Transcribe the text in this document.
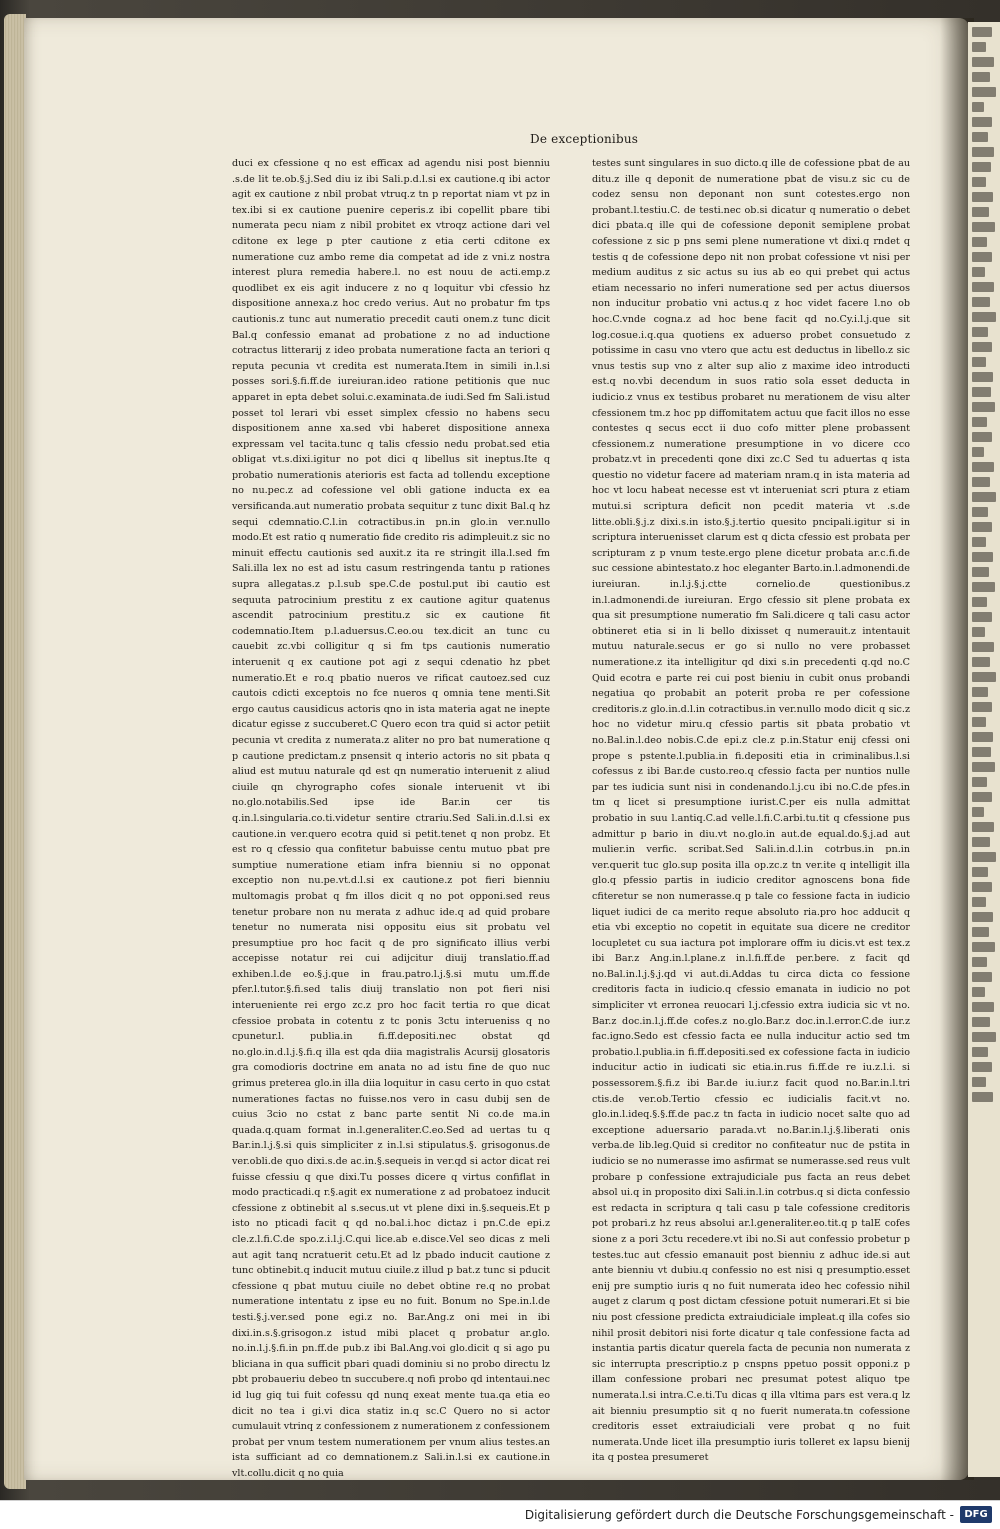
De exceptionibus

duci ex cfessione q no est efficax ad agendu nisi post bienniu .s.de lit te.ob.§.j.Sed diu iz ibi Sali.p.d.l.si ex cautione.q ibi actor agit ex cautione z nbil probat vtruq.z tn p reportat niam vt pz in tex.ibi si ex cautione puenire ceperis.z ibi copellit pbare tibi numerata pecu niam z nibil probitet ex vtroqz actione dari vel cditone ex lege p pter cautione z etia certi cditone ex numeratione cuz ambo reme dia competat ad ide z vni.z nostra interest plura remedia habere.l. no est nouu de acti.emp.z quodlibet ex eis agit inducere z no q loquitur vbi cfessio hz dispositione annexa.z hoc credo verius. Aut no probatur fm tps cautionis.z tunc aut numeratio precedit cauti onem.z tunc dicit Bal.q confessio emanat ad probatione z no ad inductione cotractus litterarij z ideo probata numeratione facta an teriori q reputa pecunia vt credita est numerata.Item in simili in.l.si posses sori.§.fi.ff.de iureiuran.ideo ratione petitionis que nuc apparet in epta debet solui.c.examinata.de iudi.Sed fm Sali.istud posset tol lerari vbi esset simplex cfessio no habens secu dispositionem anne xa.sed vbi haberet dispositione annexa expressam vel tacita.tunc q talis cfessio nedu probat.sed etia obligat vt.s.dixi.igitur no pot dici q libellus sit ineptus.Ite q probatio numerationis aterioris est facta ad tollendu exceptione no nu.pec.z ad cofessione vel obli gatione inducta ex ea versificanda.aut numeratio probata sequitur z tunc dixit Bal.q hz sequi cdemnatio.C.l.in cotractibus.in pn.in glo.in ver.nullo modo.Et est ratio q numeratio fide credito ris adimpleuit.z sic no minuit effectu cautionis sed auxit.z ita re stringit illa.l.sed fm Sali.illa lex no est ad istu casum restringenda tantu p rationes supra allegatas.z p.l.sub spe.C.de postul.put ibi cautio est sequuta patrocinium prestitu z ex cautione agitur quatenus ascendit patrocinium prestitu.z sic ex cautione fit codemnatio.Item p.l.aduersus.C.eo.ou tex.dicit an tunc cu cauebit zc.vbi colligitur q si fm tps cautionis numeratio interuenit q ex cautione pot agi z sequi cdenatio hz pbet numeratio.Et e ro.q pbatio nueros ve rificat cautoez.sed cuz cautois cdicti exceptois no fce nueros q omnia tene menti.Sit ergo cautus causidicus actoris qno in ista materia agat ne inepte dicatur egisse z succuberet.C Quero econ tra quid si actor petiit pecunia vt credita z numerata.z aliter no pro bat numeratione q p cautione predictam.z pnsensit q interio actoris no sit pbata q aliud est mutuu naturale qd est qn numeratio interuenit z aliud ciuile qn chyrographo cofes sionale interuenit vt ibi no.glo.notabilis.Sed ipse ide Bar.in cer tis q.in.l.singularia.co.ti.videtur sentire ctrariu.Sed Sali.in.d.l.si ex cautione.in ver.quero ecotra quid si petit.tenet q non probz. Et est ro q cfessio qua confitetur babuisse centu mutuo pbat pre sumptiue numeratione etiam infra bienniu si no opponat exceptio non nu.pe.vt.d.l.si ex cautione.z pot fieri bienniu multomagis probat q fm illos dicit q no pot opponi.sed reus tenetur probare non nu merata z adhuc ide.q ad quid probare tenetur no numerata nisi oppositu eius sit probatu vel presumptiue pro hoc facit q de pro significato illius verbi accepisse notatur rei cui adijcitur diuij translatio.ff.ad exhiben.l.de eo.§.j.que in frau.patro.l.j.§.si mutu um.ff.de pfer.l.tutor.§.fi.sed talis diuij translatio non pot fieri nisi interueniente rei ergo zc.z pro hoc facit tertia ro que dicat cfessioe probata in cotentu z tc ponis 3ctu interueniss q no cpunetur.l. publia.in fi.ff.depositi.nec obstat qd no.glo.in.d.l.j.§.fi.q illa est qda diia magistralis Acursij glosatoris gra comodioris doctrine em anata no ad istu fine de quo nuc grimus preterea glo.in illa diia loquitur in casu certo in quo cstat numerationes factas no fuisse.nos vero in casu dubij sen de cuius 3cio no cstat z banc parte sentit Ni co.de ma.in quada.q.quam format in.l.generaliter.C.eo.Sed ad uertas tu q Bar.in.l.j.§.si quis simpliciter z in.l.si stipulatus.§. grisogonus.de ver.obli.de quo dixi.s.de ac.in.§.sequeis in ver.qd si actor dicat rei fuisse cfessiu q que dixi.Tu posses dicere q virtus confiflat in modo practicadi.q r.§.agit ex numeratione z ad probatoez inducit cfessione z obtinebit al s.secus.ut vt plene dixi in.§.sequeis.Et p isto no pticadi facit q qd no.bal.i.hoc dictaz i pn.C.de epi.z cle.z.l.fi.C.de spo.z.i.l.j.C.qui lice.ab e.disce.Vel seo dicas z meli aut agit tanq ncratuerit cetu.Et ad lz pbado inducit cautione z tunc obtinebit.q inducit mutuu ciuile.z illud p bat.z tunc si pducit cfessione q pbat mutuu ciuile no debet obtine re.q no probat numeratione intentatu z ipse eu no fuit. Bonum no Spe.in.l.de testi.§.j.ver.sed pone egi.z no. Bar.Ang.z oni mei in ibi dixi.in.s.§.grisogon.z istud mibi placet q probatur ar.glo. no.in.l.j.§.fi.in pn.ff.de pub.z ibi Bal.Ang.voi glo.dicit q si ago pu bliciana in qua sufficit pbari quadi dominiu si no probo directu lz pbt probaueriu debeo tn succubere.q nofi probo qd intentaui.nec id lug giq tui fuit cofessu qd nunq exeat mente tua.qa etia eo dicit no tea i gi.vi dica statiz in.q sc.C Quero no si actor cumulauit vtrinq z confessionem z numerationem z confessionem probat per vnum testem numerationem per vnum alius testes.an ista sufficiant ad co demnationem.z Sali.in.l.si ex cautione.in vlt.collu.dicit q no quia

testes sunt singulares in suo dicto.q ille de cofessione pbat de au ditu.z ille q deponit de numeratione pbat de visu.z sic cu de codez sensu non deponant non sunt cotestes.ergo non probant.l.testiu.C. de testi.nec ob.si dicatur q numeratio o debet dici pbata.q ille qui de cofessione deponit semiplene probat cofessione z sic p pns semi plene numeratione vt dixi.q rndet q testis q de cofessione depo nit non probat cofessione vt nisi per medium auditus z sic actus su ius ab eo qui prebet qui actus etiam necessario no inferi numeratione sed per actus diuersos non inducitur probatio vni actus.q z hoc videt facere l.no ob hoc.C.vnde cogna.z ad hoc bene facit qd no.Cy.i.l.j.que sit log.cosue.i.q.qua quotiens ex aduerso probet consuetudo z potissime in casu vno vtero que actu est deductus in libello.z sic vnus testis sup vno z alter sup alio z maxime ideo introducti est.q no.vbi decendum in suos ratio sola esset deducta in iudicio.z vnus ex testibus probaret nu merationem de visu alter cfessionem tm.z hoc pp diffomitatem actuu que facit illos no esse contestes q secus ecct ii duo cofo mitter plene probassent cfessionem.z numeratione presumptione in vo dicere cco probatz.vt in precedenti qone dixi zc.C Sed tu aduertas q ista questio no videtur facere ad materiam nram.q in ista materia ad hoc vt locu habeat necesse est vt interueniat scri ptura z etiam mutui.si scriptura deficit non pcedit materia vt .s.de litte.obli.§.j.z dixi.s.in isto.§.j.tertio quesito pncipali.igitur si in scriptura interuenisset clarum est q dicta cfessio est probata per scripturam z p vnum teste.ergo plene dicetur probata ar.c.fi.de suc cessione abintestato.z hoc eleganter Barto.in.l.admonendi.de iureiuran. in.l.j.§.j.ctte cornelio.de questionibus.z in.l.admonendi.de iureiuran. Ergo cfessio sit plene probata ex qua sit presumptione numeratio fm Sali.dicere q tali casu actor obtineret etia si in li bello dixisset q numerauit.z intentauit mutuu naturale.secus er go si nullo no vere probasset numeratione.z ita intelligitur qd dixi s.in precedenti q.qd no.C Quid ecotra e parte rei cui post bieniu in cubit onus probandi negatiua qo probabit an poterit proba re per cofessione creditoris.z glo.in.d.l.in cotractibus.in ver.nullo modo dicit q sic.z hoc no videtur miru.q cfessio partis sit pbata probatio vt no.Bal.in.l.deo nobis.C.de epi.z cle.z p.in.Statur enij cfessi oni prope s pstente.l.publia.in fi.depositi etia in criminalibus.l.si cofessus z ibi Bar.de custo.reo.q cfessio facta per nuntios nulle par tes iudicia sunt nisi in condenando.l.j.cu ibi no.C.de pfes.in tm q licet si presumptione iurist.C.per eis nulla admittat probatio in suu l.antiq.C.ad velle.l.fi.C.arbi.tu.tit q cfessione pus admittur p bario in diu.vt no.glo.in aut.de equal.do.§.j.ad aut mulier.in verfic. scribat.Sed Sali.in.d.l.in cotrbus.in pn.in ver.querit tuc glo.sup posita illa op.zc.z tn ver.ite q intelligit illa glo.q pfessio partis in iudicio creditor agnoscens bona fide cfiteretur se non numerasse.q p tale co fessione facta in iudicio liquet iudici de ca merito reque absoluto ria.pro hoc adducit q etia vbi exceptio no copetit in equitate sua dicere ne creditor locupletet cu sua iactura pot implorare offm iu dicis.vt est tex.z ibi Bar.z Ang.in.l.plane.z in.l.fi.ff.de per.bere. z facit qd no.Bal.in.l.j.§.j.qd vi aut.di.Addas tu circa dicta co fessione creditoris facta in iudicio.q cfessio emanata in iudicio no pot simpliciter vt erronea reuocari l.j.cfessio extra iudicia sic vt no. Bar.z doc.in.l.j.ff.de cofes.z no.glo.Bar.z doc.in.l.error.C.de iur.z fac.igno.Sedo est cfessio facta ee nulla inducitur actio sed tm probatio.l.publia.in fi.ff.depositi.sed ex cofessione facta in iudicio inducitur actio in iudicati sic etia.in.rus fi.ff.de re iu.z.l.i. si possessorem.§.fi.z ibi Bar.de iu.iur.z facit quod no.Bar.in.l.tri ctis.de ver.ob.Tertio cfessio ec iudicialis facit.vt no. glo.in.l.ideq.§.§.ff.de pac.z tn facta in iudicio nocet salte quo ad exceptione aduersario parada.vt no.Bar.in.l.j.§.liberati onis verba.de lib.leg.Quid si creditor no confiteatur nuc de pstita in iudicio se no numerasse imo asfirmat se numerasse.sed reus vult probare p confessione extrajudiciale pus facta an reus debet absol ui.q in proposito dixi Sali.in.l.in cotrbus.q si dicta confessio est redacta in scriptura q tali casu p tale cofessione creditoris pot probari.z hz reus absolui ar.l.generaliter.eo.tit.q p talE cofes sione z a pori 3ctu recedere.vt ibi no.Si aut confessio probetur p testes.tuc aut cfessio emanauit post bienniu z adhuc ide.si aut ante bienniu vt dubiu.q confessio no est nisi q presumptio.esset enij pre sumptio iuris q no fuit numerata ideo hec cofessio nihil auget z clarum q post dictam cfessione potuit numerari.Et si bie niu post cfessione predicta extraiudiciale impleat.q illa cofes sio nihil prosit debitori nisi forte dicatur q tale confessione facta ad instantia partis dicatur querela facta de pecunia non numerata z sic interrupta prescriptio.z p cnspns ppetuo possit opponi.z p illam confessione probari nec presumat potest aliquo tpe numerata.l.si intra.C.e.ti.Tu dicas q illa vltima pars est vera.q lz ait bienniu presumptio sit q no fuerit numerata.tn cofessione creditoris esset extraiudiciali vere probat q no fuit numerata.Unde licet illa presumptio iuris tolleret ex lapsu bienij ita q postea presumeret

Digitalisierung gefördert durch die Deutsche Forschungsgemeinschaft -	DFG
